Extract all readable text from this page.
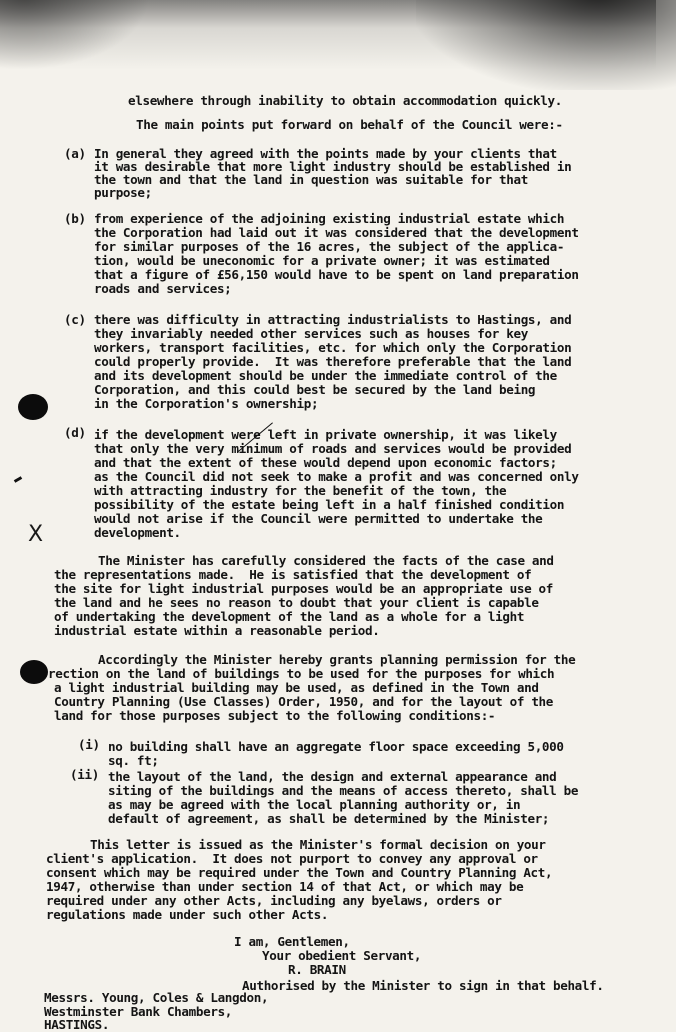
elsewhere through inability to obtain accommodation quickly.
The main points put forward on behalf of the Council were:-
(a) In general they agreed with the points made by your clients that
it was desirable that more light industry should be established in
the town and that the land in question was suitable for that
purpose;
(b) from experience of the adjoining existing industrial estate which
the Corporation had laid out it was considered that the development
for similar purposes of the 16 acres, the subject of the applica-
tion, would be uneconomic for a private owner; it was estimated
that a figure of £56,150 would have to be spent on land preparation
roads and services;
(c) there was difficulty in attracting industrialists to Hastings, and
they invariably needed other services such as houses for key
workers, transport facilities, etc. for which only the Corporation
could properly provide.  It was therefore preferable that the land
and its development should be under the immediate control of the
Corporation, and this could best be secured by the land being
in the Corporation's ownership;
(d) if the development were left in private ownership, it was likely
that only the very minimum of roads and services would be provided
and that the extent of these would depend upon economic factors;
as the Council did not seek to make a profit and was concerned only
with attracting industry for the benefit of the town, the
possibility of the estate being left in a half finished condition
would not arise if the Council were permitted to undertake the
development.
The Minister has carefully considered the facts of the case and
the representations made.  He is satisfied that the development of
the site for light industrial purposes would be an appropriate use of
the land and he sees no reason to doubt that your client is capable
of undertaking the development of the land as a whole for a light
industrial estate within a reasonable period.
Accordingly the Minister hereby grants planning permission for the
rection on the land of buildings to be used for the purposes for which
a light industrial building may be used, as defined in the Town and
Country Planning (Use Classes) Order, 1950, and for the layout of the
land for those purposes subject to the following conditions:-
(i) no building shall have an aggregate floor space exceeding 5,000
sq. ft;
(ii) the layout of the land, the design and external appearance and
siting of the buildings and the means of access thereto, shall be
as may be agreed with the local planning authority or, in
default of agreement, as shall be determined by the Minister;
This letter is issued as the Minister's formal decision on your
client's application.  It does not purport to convey any approval or
consent which may be required under the Town and Country Planning Act,
1947, otherwise than under section 14 of that Act, or which may be
required under any other Acts, including any byelaws, orders or
regulations made under such other Acts.
I am, Gentlemen,
Your obedient Servant,
R. BRAIN
Authorised by the Minister to sign in that behalf.
Messrs. Young, Coles & Langdon,
Westminster Bank Chambers,
HASTINGS.
X
